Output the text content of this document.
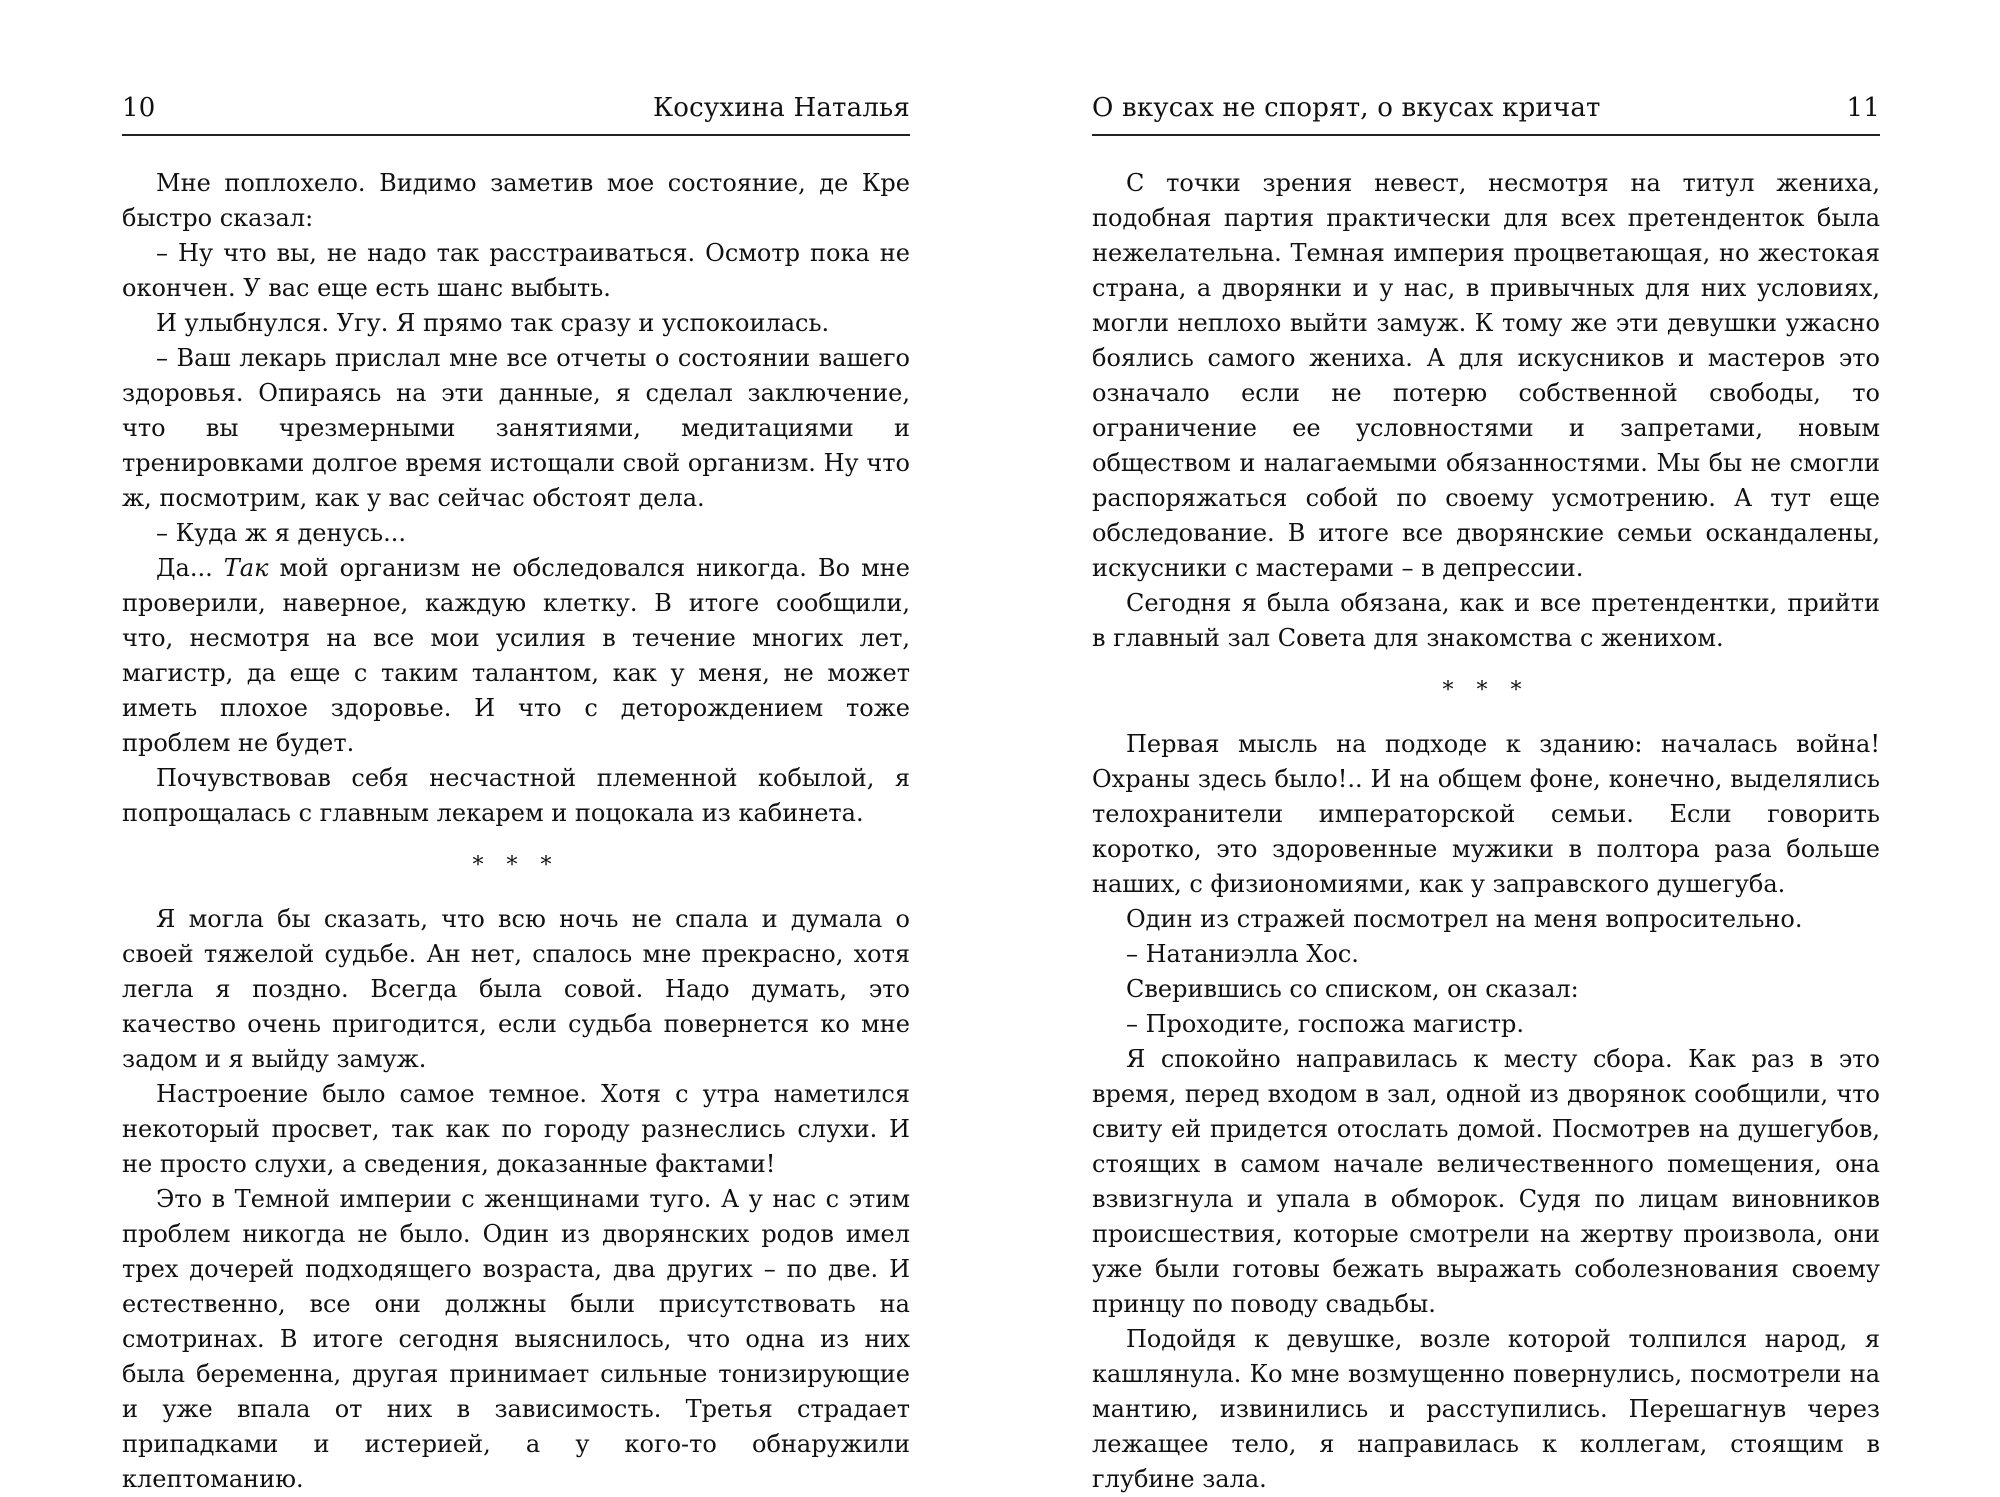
10	Косухина Наталья

Мне поплохело. Видимо заметив мое состояние, де Кре быстро сказал:

– Ну что вы, не надо так расстраиваться. Осмотр пока не окончен. У вас еще есть шанс выбыть.

И улыбнулся. Угу. Я прямо так сразу и успокоилась.

– Ваш лекарь прислал мне все отчеты о состоянии вашего здоровья. Опираясь на эти данные, я сделал заключение, что вы чрезмерными занятиями, медитациями и тренировками долгое время истощали свой организм. Ну что ж, посмотрим, как у вас сейчас обстоят дела.

– Куда ж я денусь...

Да... Так мой организм не обследовался никогда. Во мне проверили, наверное, каждую клетку. В итоге сообщили, что, несмотря на все мои усилия в течение многих лет, магистр, да еще с таким талантом, как у меня, не может иметь плохое здоровье. И что с деторождением тоже проблем не будет.

Почувствовав себя несчастной племенной кобылой, я попрощалась с главным лекарем и поцокала из кабинета.

* * *

Я могла бы сказать, что всю ночь не спала и думала о своей тяжелой судьбе. Ан нет, спалось мне прекрасно, хотя легла я поздно. Всегда была совой. Надо думать, это качество очень пригодится, если судьба повернется ко мне задом и я выйду замуж.

Настроение было самое темное. Хотя с утра наметился некоторый просвет, так как по городу разнеслись слухи. И не просто слухи, а сведения, доказанные фактами!

Это в Темной империи с женщинами туго. А у нас с этим проблем никогда не было. Один из дворянских родов имел трех дочерей подходящего возраста, два других – по две. И естественно, все они должны были присутствовать на смотринах. В итоге сегодня выяснилось, что одна из них была беременна, другая принимает сильные тонизирующие и уже впала от них в зависимость. Третья страдает припадками и истерией, а у кого-то обнаружили клептоманию.

О вкусах не спорят, о вкусах кричат	11

С точки зрения невест, несмотря на титул жениха, подобная партия практически для всех претенденток была нежелательна. Темная империя процветающая, но жестокая страна, а дворянки и у нас, в привычных для них условиях, могли неплохо выйти замуж. К тому же эти девушки ужасно боялись самого жениха. А для искусников и мастеров это означало если не потерю собственной свободы, то ограничение ее условностями и запретами, новым обществом и налагаемыми обязанностями. Мы бы не смогли распоряжаться собой по своему усмотрению. А тут еще обследование. В итоге все дворянские семьи оскандалены, искусники с мастерами – в депрессии.

Сегодня я была обязана, как и все претендентки, прийти в главный зал Совета для знакомства с женихом.

* * *

Первая мысль на подходе к зданию: началась война! Охраны здесь было!.. И на общем фоне, конечно, выделялись телохранители императорской семьи. Если говорить коротко, это здоровенные мужики в полтора раза больше наших, с физиономиями, как у заправского душегуба.

Один из стражей посмотрел на меня вопросительно.

– Натаниэлла Хос.

Сверившись со списком, он сказал:

– Проходите, госпожа магистр.

Я спокойно направилась к месту сбора. Как раз в это время, перед входом в зал, одной из дворянок сообщили, что свиту ей придется отослать домой. Посмотрев на душегубов, стоящих в самом начале величественного помещения, она взвизгнула и упала в обморок. Судя по лицам виновников происшествия, которые смотрели на жертву произвола, они уже были готовы бежать выражать соболезнования своему принцу по поводу свадьбы.

Подойдя к девушке, возле которой толпился народ, я кашлянула. Ко мне возмущенно повернулись, посмотрели на мантию, извинились и расступились. Перешагнув через лежащее тело, я направилась к коллегам, стоящим в глубине зала.
